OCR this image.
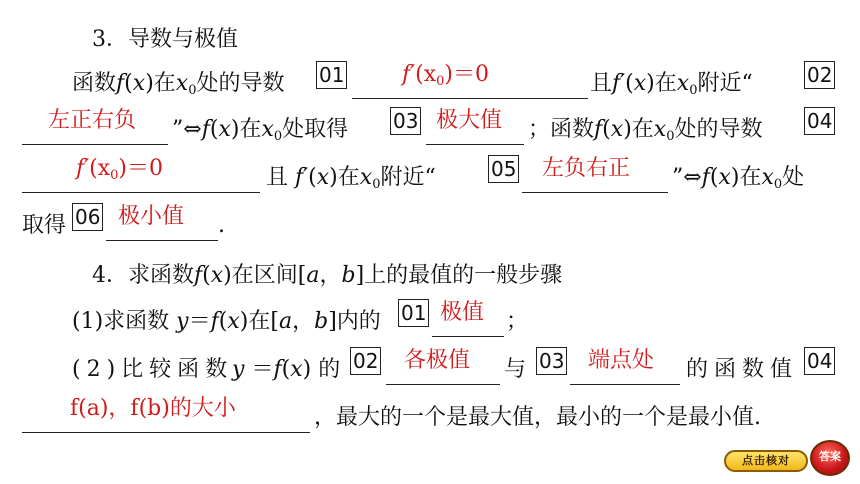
3．导数与极值
函数f(x)在$x_0$处的导数 01	$f'(x_0)=0$	且f′(x)在$x_0$附近“	02
左正右负 ”⇔f(x)在$x_0$处取得 03 极大值 ；函数f(x)在$x_0$处的导数 04
$f'(x_0)=0$	且 f′(x)在$x_0$附近“	05 左负右正 ”⇔f(x)在$x_0$处
取得 06 极小值 .
4．求函数f(x)在区间[a，b]上的最值的一般步骤
(1)求函数 y＝f(x)在[a，b]内的 01 极值 ；
(2)比较函数
y ＝f(x) 的 02 各极值 与 03 端点处 的函数值 04
f(a)，f(b)的大小	，最大的一个是最大值，最小的一个是最小值.
点击核对	答案
